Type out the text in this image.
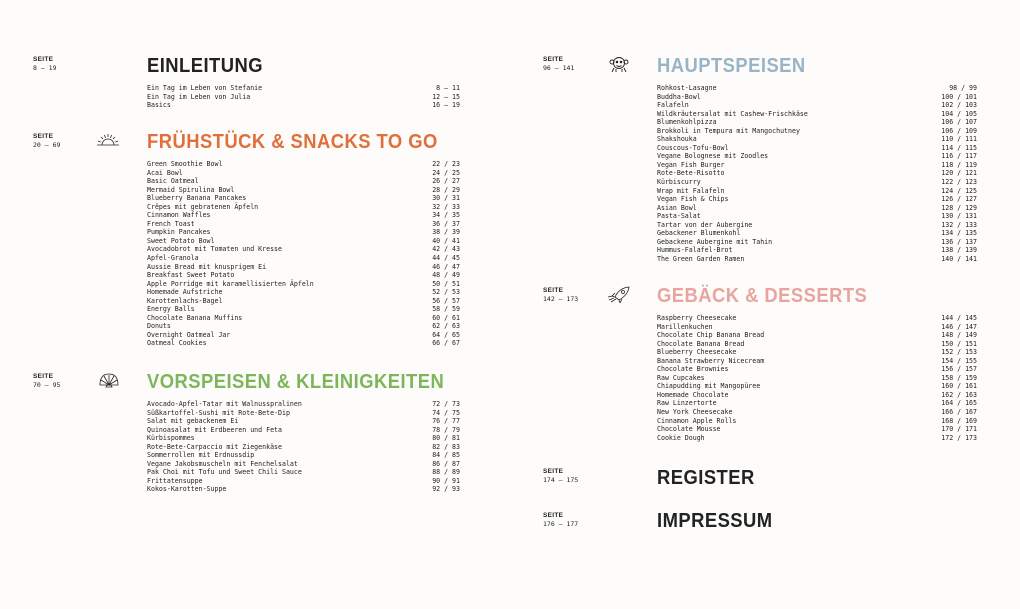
SEITE
8 – 19	EINLEITUNG
Ein Tag im Leben von Stefanie	8 – 11
Ein Tag im Leben von Julia	12 – 15
Basics	16 – 19
SEITE
20 – 69	FRÜHSTÜCK & SNACKS TO GO
Green Smoothie Bowl	22 / 23
Acai Bowl	24 / 25
Basic Oatmeal	26 / 27
Mermaid Spirulina Bowl	28 / 29
Blueberry Banana Pancakes	30 / 31
Crêpes mit gebratenen Äpfeln	32 / 33
Cinnamon Waffles	34 / 35
French Toast	36 / 37
Pumpkin Pancakes	38 / 39
Sweet Potato Bowl	40 / 41
Avocadobrot mit Tomaten und Kresse	42 / 43
Apfel-Granola	44 / 45
Aussie Bread mit knusprigem Ei	46 / 47
Breakfast Sweet Potato	48 / 49
Apple Porridge mit karamellisierten Äpfeln	50 / 51
Homemade Aufstriche	52 / 53
Karottenlachs-Bagel	56 / 57
Energy Balls	58 / 59
Chocolate Banana Muffins	60 / 61
Donuts	62 / 63
Overnight Oatmeal Jar	64 / 65
Oatmeal Cookies	66 / 67
SEITE
70 – 95	VORSPEISEN & KLEINIGKEITEN
Avocado-Apfel-Tatar mit Walnusspralinen	72 / 73
Süßkartoffel-Sushi mit Rote-Bete-Dip	74 / 75
Salat mit gebackenem Ei	76 / 77
Quinoasalat mit Erdbeeren und Feta	78 / 79
Kürbispommes	80 / 81
Rote-Bete-Carpaccio mit Ziegenkäse	82 / 83
Sommerrollen mit Erdnussdip	84 / 85
Vegane Jakobsmuscheln mit Fenchelsalat	86 / 87
Pak Choi mit Tofu und Sweet Chili Sauce	88 / 89
Frittatensuppe	90 / 91
Kokos-Karotten-Suppe	92 / 93
SEITE
96 – 141	HAUPTSPEISEN
Rohkost-Lasagne	98 / 99
Buddha-Bowl	100 / 101
Falafeln	102 / 103
Wildkräutersalat mit Cashew-Frischkäse	104 / 105
Blumenkohlpizza	106 / 107
Brokkoli in Tempura mit Mangochutney	106 / 109
Shakshouka	110 / 111
Couscous-Tofu-Bowl	114 / 115
Vegane Bolognese mit Zoodles	116 / 117
Vegan Fish Burger	118 / 119
Rote-Bete-Risotto	120 / 121
Kürbiscurry	122 / 123
Wrap mit Falafeln	124 / 125
Vegan Fish & Chips	126 / 127
Asian Bowl	128 / 129
Pasta-Salat	130 / 131
Tartar von der Aubergine	132 / 133
Gebackener Blumenkohl	134 / 135
Gebackene Aubergine mit Tahin	136 / 137
Hummus-Falafel-Brot	138 / 139
The Green Garden Ramen	140 / 141
SEITE
142 – 173	GEBÄCK & DESSERTS
Raspberry Cheesecake	144 / 145
Marillenkuchen	146 / 147
Chocolate Chip Banana Bread	148 / 149
Chocolate Banana Bread	150 / 151
Blueberry Cheesecake	152 / 153
Banana Strawberry Nicecream	154 / 155
Chocolate Brownies	156 / 157
Raw Cupcakes	158 / 159
Chiapudding mit Mangopüree	160 / 161
Homemade Chocolate	162 / 163
Raw Linzertorte	164 / 165
New York Cheesecake	166 / 167
Cinnamon Apple Rolls	168 / 169
Chocolate Mousse	170 / 171
Cookie Dough	172 / 173
SEITE
174 – 175	REGISTER
SEITE
176 – 177	IMPRESSUM
